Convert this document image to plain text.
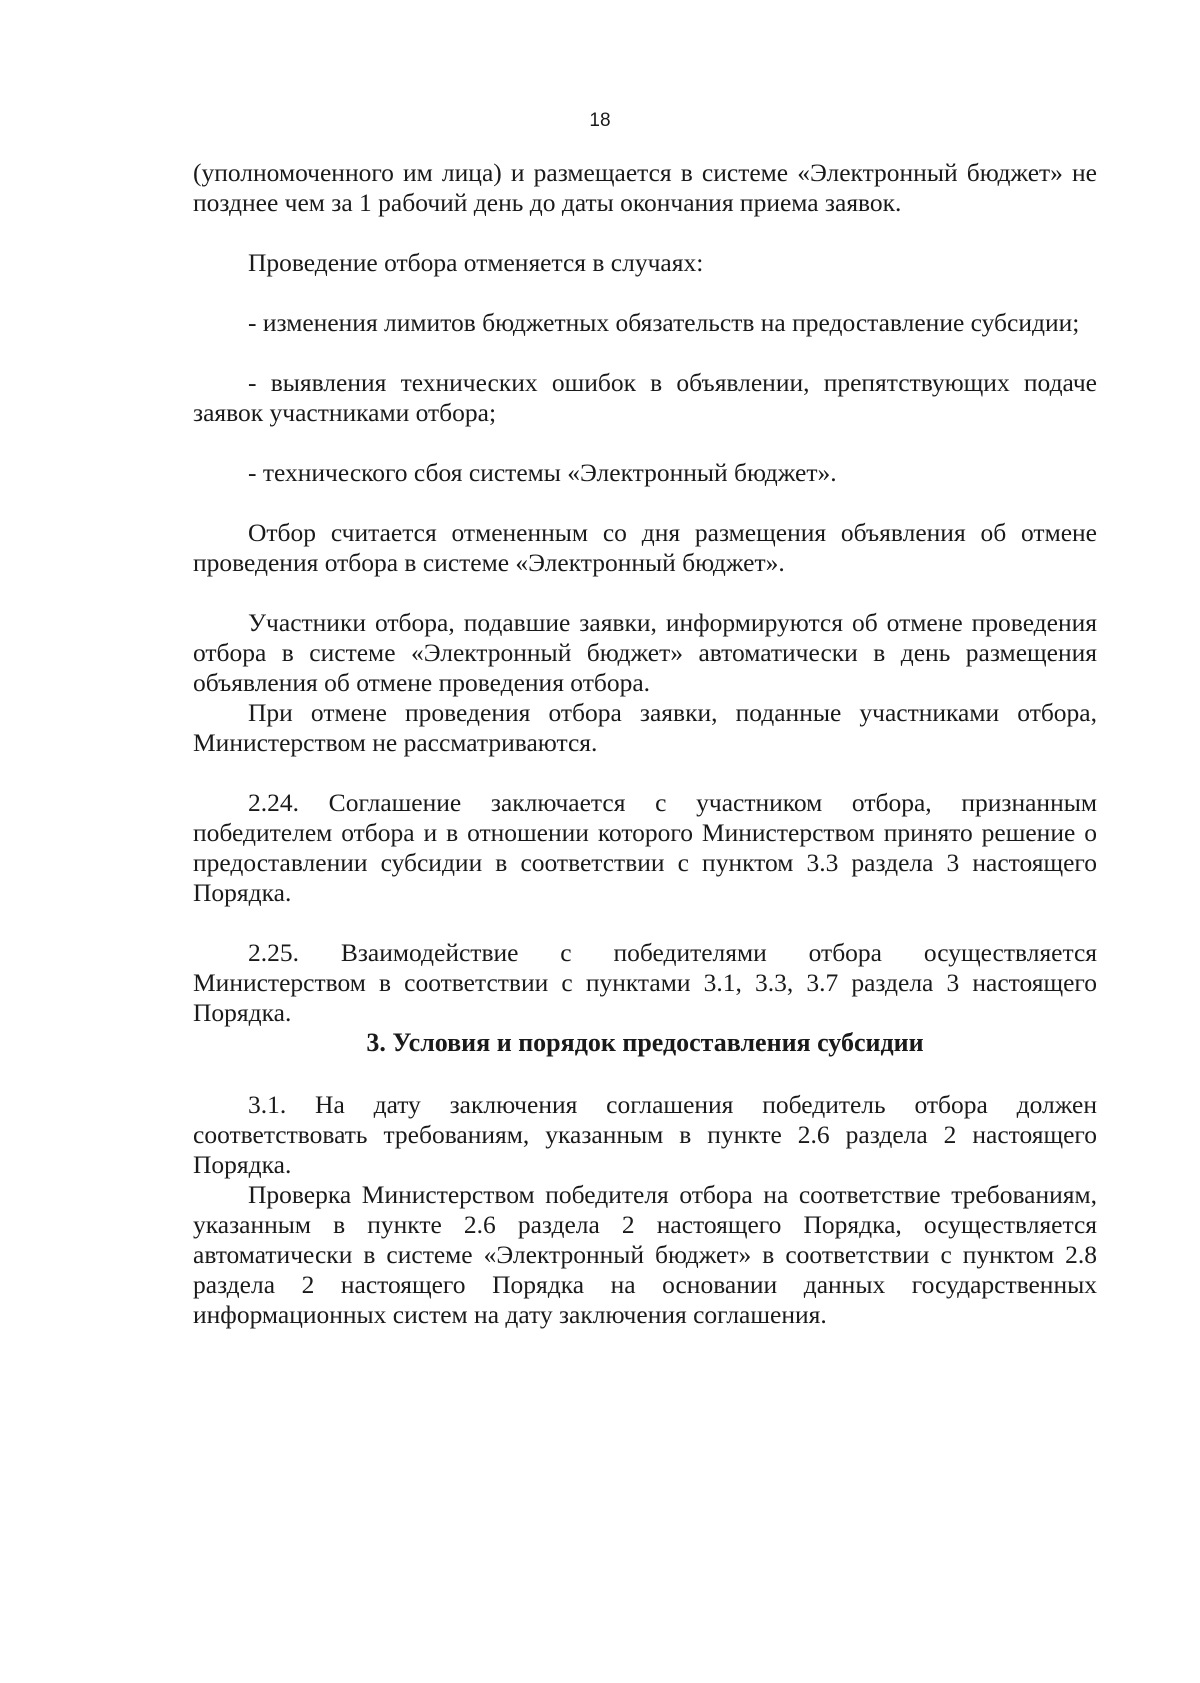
18

(уполномоченного им лица) и размещается в системе «Электронный бюджет» не позднее чем за 1 рабочий день до даты окончания приема заявок.

Проведение отбора отменяется в случаях:

- изменения лимитов бюджетных обязательств на предоставление субсидии;

- выявления технических ошибок в объявлении, препятствующих подаче заявок участниками отбора;

- технического сбоя системы «Электронный бюджет».

Отбор считается отмененным со дня размещения объявления об отмене проведения отбора в системе «Электронный бюджет».

Участники отбора, подавшие заявки, информируются об отмене проведения отбора в системе «Электронный бюджет» автоматически в день размещения объявления об отмене проведения отбора.

При отмене проведения отбора заявки, поданные участниками отбора, Министерством не рассматриваются.

2.24. Соглашение заключается с участником отбора, признанным победителем отбора и в отношении которого Министерством принято решение о предоставлении субсидии в соответствии с пунктом 3.3 раздела 3 настоящего Порядка.

2.25. Взаимодействие с победителями отбора осуществляется Министерством в соответствии с пунктами 3.1, 3.3, 3.7 раздела 3 настоящего Порядка.

3. Условия и порядок предоставления субсидии

3.1. На дату заключения соглашения победитель отбора должен соответствовать требованиям, указанным в пункте 2.6 раздела 2 настоящего Порядка.

Проверка Министерством победителя отбора на соответствие требованиям, указанным в пункте 2.6 раздела 2 настоящего Порядка, осуществляется автоматически в системе «Электронный бюджет» в соответствии с пунктом 2.8 раздела 2 настоящего Порядка на основании данных государственных информационных систем на дату заключения соглашения.
